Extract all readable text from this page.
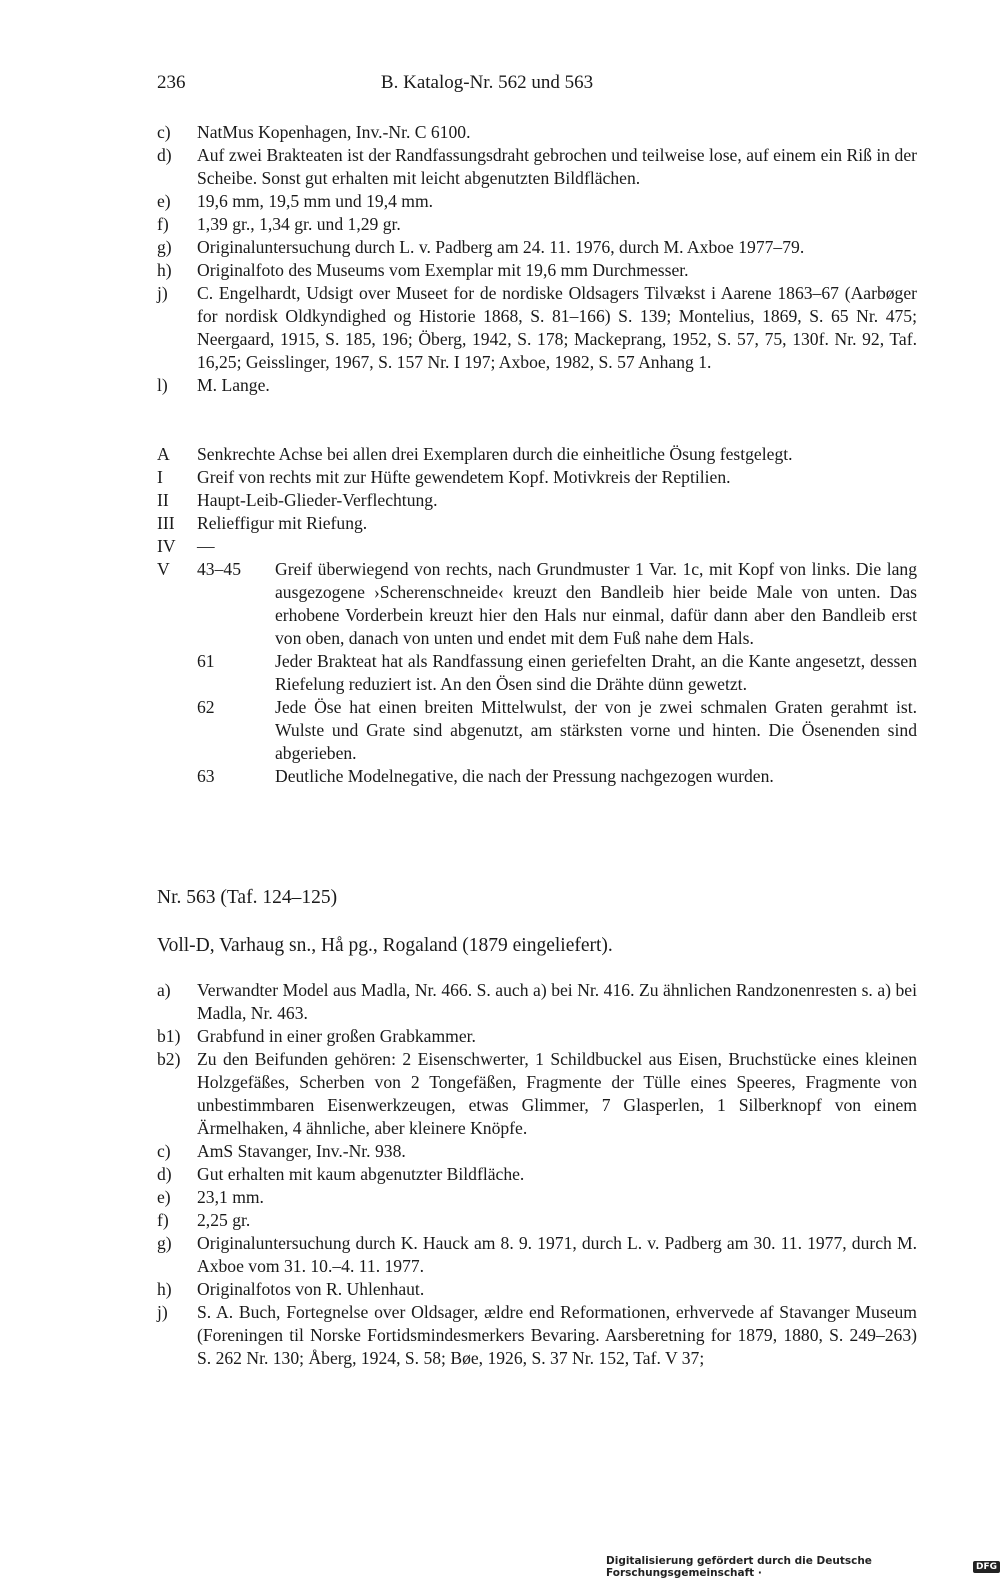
236	B. Katalog-Nr. 562 und 563
c) NatMus Kopenhagen, Inv.-Nr. C 6100.
d) Auf zwei Brakteaten ist der Randfassungsdraht gebrochen und teilweise lose, auf einem ein Riß in der Scheibe. Sonst gut erhalten mit leicht abgenutzten Bildflächen.
e) 19,6 mm, 19,5 mm und 19,4 mm.
f) 1,39 gr., 1,34 gr. und 1,29 gr.
g) Originaluntersuchung durch L. v. Padberg am 24. 11. 1976, durch M. Axboe 1977–79.
h) Originalfoto des Museums vom Exemplar mit 19,6 mm Durchmesser.
j) C. Engelhardt, Udsigt over Museet for de nordiske Oldsagers Tilvækst i Aarene 1863–67 (Aarbøger for nordisk Oldkyndighed og Historie 1868, S. 81–166) S. 139; Montelius, 1869, S. 65 Nr. 475; Neergaard, 1915, S. 185, 196; Öberg, 1942, S. 178; Mackeprang, 1952, S. 57, 75, 130f. Nr. 92, Taf. 16,25; Geisslinger, 1967, S. 157 Nr. I 197; Axboe, 1982, S. 57 Anhang 1.
l) M. Lange.
A Senkrechte Achse bei allen drei Exemplaren durch die einheitliche Ösung festgelegt.
I Greif von rechts mit zur Hüfte gewendetem Kopf. Motivkreis der Reptilien.
II Haupt-Leib-Glieder-Verflechtung.
III Relieffigur mit Riefung.
IV —
V 43–45 Greif überwiegend von rechts, nach Grundmuster 1 Var. 1c, mit Kopf von links. Die lang ausgezogene ›Scherenschneide‹ kreuzt den Bandleib hier beide Male von unten. Das erhobene Vorderbein kreuzt hier den Hals nur einmal, dafür dann aber den Bandleib erst von oben, danach von unten und endet mit dem Fuß nahe dem Hals.
61	Jeder Brakteat hat als Randfassung einen geriefelten Draht, an die Kante angesetzt, dessen Riefelung reduziert ist. An den Ösen sind die Drähte dünn gewetzt.
62	Jede Öse hat einen breiten Mittelwulst, der von je zwei schmalen Graten gerahmt ist. Wulste und Grate sind abgenutzt, am stärksten vorne und hinten. Die Ösenenden sind abgerieben.
63	Deutliche Modelnegative, die nach der Pressung nachgezogen wurden.
Nr. 563 (Taf. 124–125)
Voll-D, Varhaug sn., Hå pg., Rogaland (1879 eingeliefert).
a) Verwandter Model aus Madla, Nr. 466. S. auch a) bei Nr. 416. Zu ähnlichen Randzonenresten s. a) bei Madla, Nr. 463.
b1) Grabfund in einer großen Grabkammer.
b2) Zu den Beifunden gehören: 2 Eisenschwerter, 1 Schildbuckel aus Eisen, Bruchstücke eines kleinen Holzgefäßes, Scherben von 2 Tongefäßen, Fragmente der Tülle eines Speeres, Fragmente von unbestimmbaren Eisenwerkzeugen, etwas Glimmer, 7 Glasperlen, 1 Silberknopf von einem Ärmelhaken, 4 ähnliche, aber kleinere Knöpfe.
c) AmS Stavanger, Inv.-Nr. 938.
d) Gut erhalten mit kaum abgenutzter Bildfläche.
e) 23,1 mm.
f) 2,25 gr.
g) Originaluntersuchung durch K. Hauck am 8. 9. 1971, durch L. v. Padberg am 30. 11. 1977, durch M. Axboe vom 31. 10.–4. 11. 1977.
h) Originalfotos von R. Uhlenhaut.
j) S. A. Buch, Fortegnelse over Oldsager, ældre end Reformationen, erhvervede af Stavanger Museum (Foreningen til Norske Fortidsmindesmerkers Bevaring. Aarsberetning for 1879, 1880, S. 249–263) S. 262 Nr. 130; Åberg, 1924, S. 58; Bøe, 1926, S. 37 Nr. 152, Taf. V 37;
Digitalisierung gefördert durch die Deutsche Forschungsgemeinschaft ·	DFG
